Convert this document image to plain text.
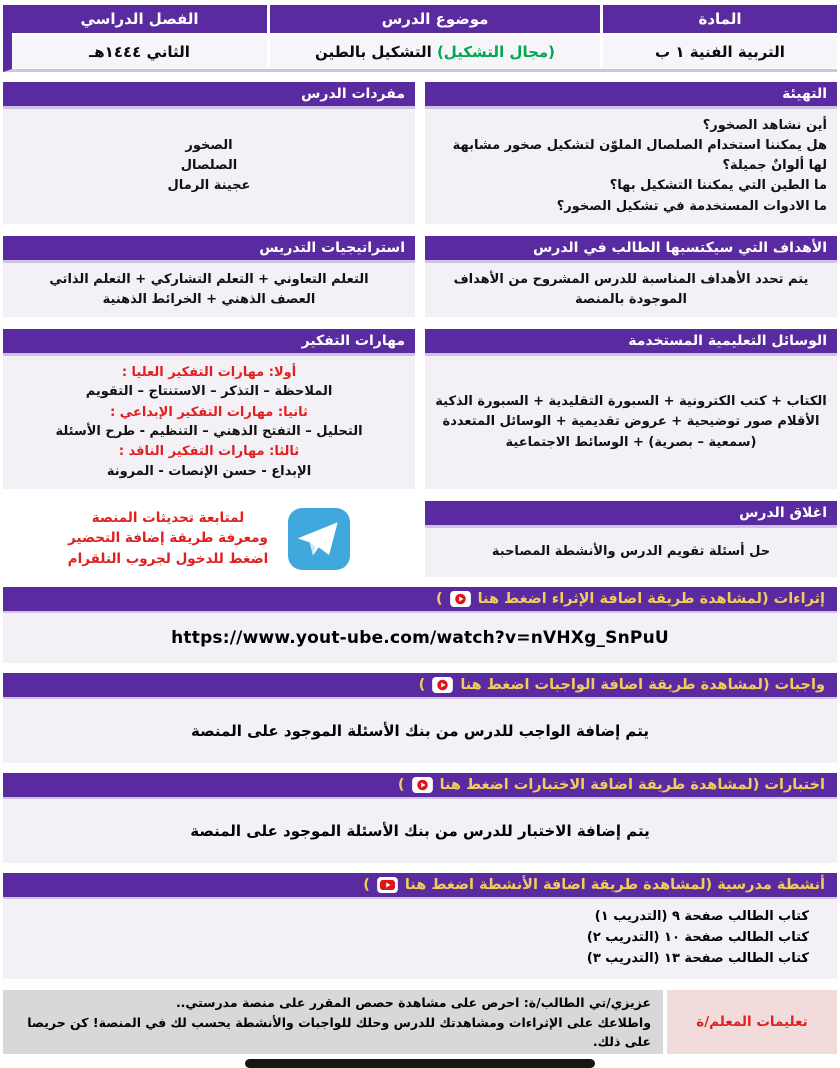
المادة
موضوع الدرس
الفصل الدراسي
التربية الفنية ١ ب
(مجال التشكيل) التشكيل بالطين
الثاني ١٤٤٤هـ
التهيئة
أين نشاهد الصخور؟
هل يمكننا استخدام الصلصال الملوّن لتشكيل صخور مشابهة لها ألوانٌ جميلة؟
ما الطين التي يمكننا التشكيل بها؟
ما الادوات المستخدمة في تشكيل الصخور؟
مفردات الدرس
الصخور
الصلصال
عجينة الرمال
الأهداف التي سيكتسبها الطالب في الدرس
يتم تحدد الأهداف المناسبة للدرس المشروح من الأهداف الموجودة بالمنصة
استراتيجيات التدريس
التعلم التعاوني + التعلم التشاركي + التعلم الذاتي
العصف الذهني + الخرائط الذهنية
الوسائل التعليمية المستخدمة
الكتاب + كتب الكترونية + السبورة التقليدية + السبورة الذكية
الأقلام صور توضيحية + عروض تقديمية + الوسائل المتعددة
(سمعية – بصرية) + الوسائط الاجتماعية
مهارات التفكير
أولا: مهارات التفكير العليا :
الملاحظة – التذكر – الاستنتاج – التقويم
ثانيا: مهارات التفكير الإبداعي :
التحليل – التفتح الذهني – التنظيم - طرح الأسئلة
ثالثا: مهارات التفكير الناقد :
الإبداع - حسن الإنصات - المرونة
اغلاق الدرس
حل أسئلة تقويم الدرس والأنشطة المصاحبة
لمتابعة تحديثات المنصة
ومعرفة طريقة إضافة التحضير
اضغط للدخول لجروب التلقرام
إثراءات (لمشاهدة طريقة اضافة الإثراء اضغط هنا
)
https://www.yout-ube.com/watch?v=nVHXg_SnPuU
واجبات (لمشاهدة طريقة اضافة الواجبات اضغط هنا
)
يتم إضافة الواجب للدرس من بنك الأسئلة الموجود على المنصة
اختبارات (لمشاهدة طريقة اضافة الاختبارات اضغط هنا
)
يتم إضافة الاختبار للدرس من بنك الأسئلة الموجود على المنصة
أنشطة مدرسية (لمشاهدة طريقة اضافة الأنشطة اضغط هنا
)
كتاب الطالب صفحة ٩ (التدريب ١)
كتاب الطالب صفحة ١٠ (التدريب ٢)
كتاب الطالب صفحة ١٣ (التدريب ٣)
تعليمات المعلم/ة
عزيزي/تي الطالب/ة: احرص على مشاهدة حصص المقرر على منصة مدرستي..
واطلاعك على الإثراءات ومشاهدتك للدرس وحلك للواجبات والأنشطة يحسب لك في المنصة! كن حريصا على ذلك.
